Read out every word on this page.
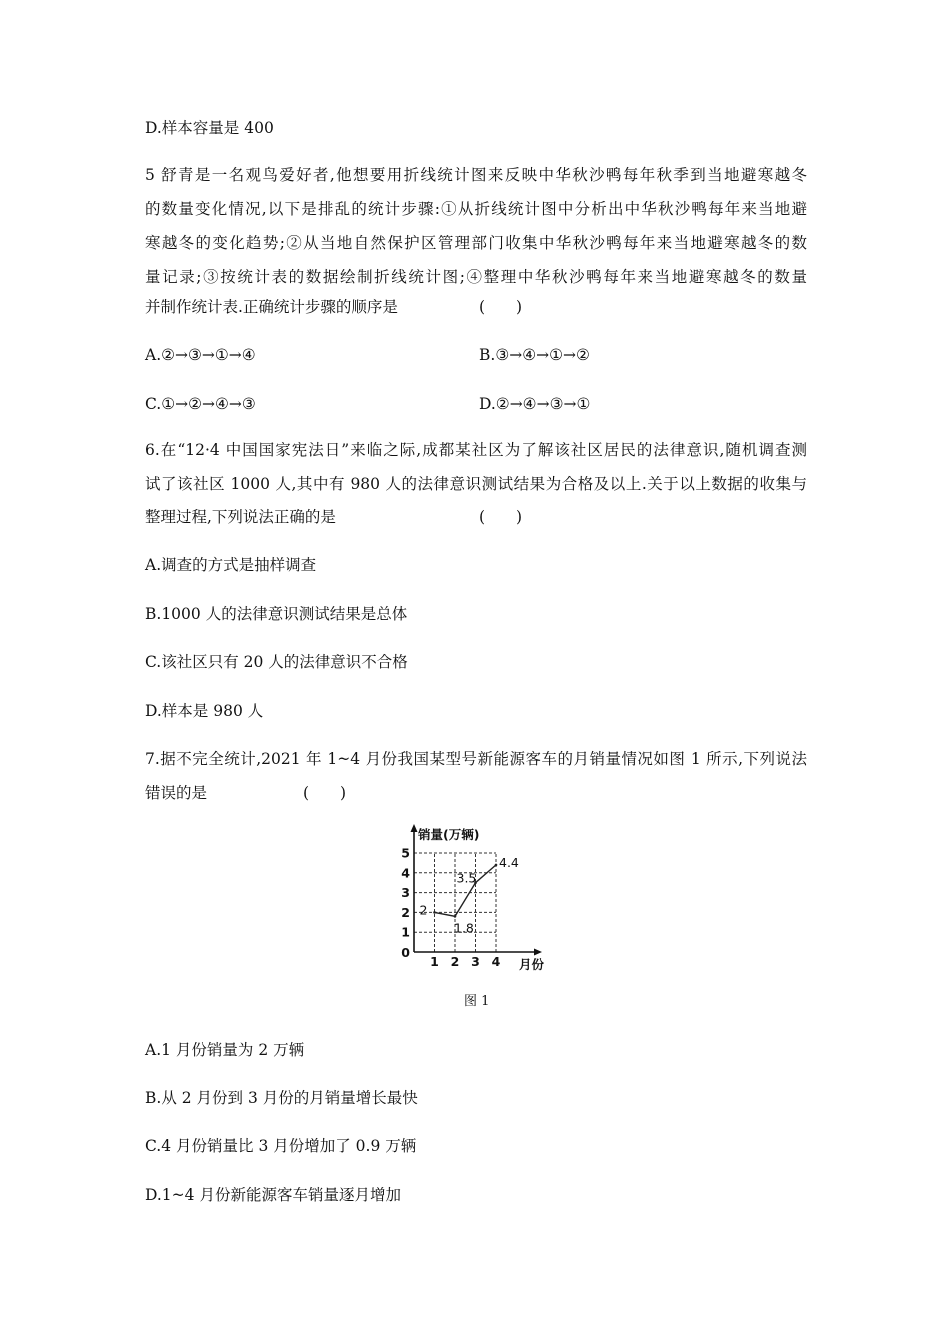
D.样本容量是 400
5 舒青是一名观鸟爱好者,他想要用折线统计图来反映中华秋沙鸭每年秋季到当地避寒越冬
的数量变化情况,以下是排乱的统计步骤:①从折线统计图中分析出中华秋沙鸭每年来当地避
寒越冬的变化趋势;②从当地自然保护区管理部门收集中华秋沙鸭每年来当地避寒越冬的数
量记录;③按统计表的数据绘制折线统计图;④整理中华秋沙鸭每年来当地避寒越冬的数量
并制作统计表.正确统计步骤的顺序是	(　　)
A.②→③→①→④	B.③→④→①→②
C.①→②→④→③	D.②→④→③→①
6.在“12·4 中国国家宪法日”来临之际,成都某社区为了解该社区居民的法律意识,随机调查测
试了该社区 1000 人,其中有 980 人的法律意识测试结果为合格及以上.关于以上数据的收集与
整理过程,下列说法正确的是	(　　)
A.调查的方式是抽样调查
B.1000 人的法律意识测试结果是总体
C.该社区只有 20 人的法律意识不合格
D.样本是 980 人
7.据不完全统计,2021 年 1~4 月份我国某型号新能源客车的月销量情况如图 1 所示,下列说法
错误的是	(　　)
销量(万辆)
月份
1
2
3
4
5
0
1 2 3 4
2
1.8
3.5
4.4
图 1
A.1 月份销量为 2 万辆
B.从 2 月份到 3 月份的月销量增长最快
C.4 月份销量比 3 月份增加了 0.9 万辆
D.1~4 月份新能源客车销量逐月增加
